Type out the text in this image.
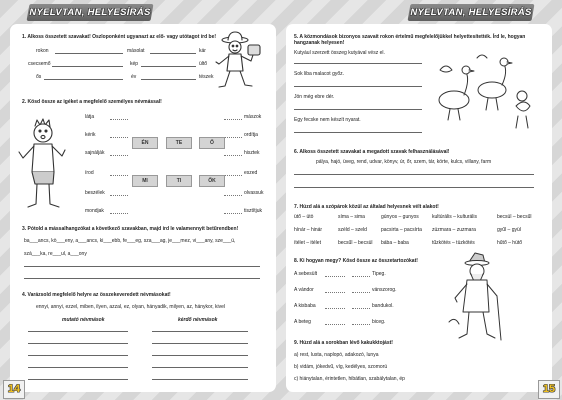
NYELVTAN, HELYESÍRÁS	NYELVTAN, HELYESÍRÁS
1. Alkoss összetett szavakat! Oszloponként ugyanazt az elő- vagy utótagot írd be!
rokon	másolat	kár
csecsemő	kép	ültő
ős	év	tészek
2. Kösd össze az igéket a megfelelő személyes névmással!
látja
kérik
sajnálják
írod
beszélek
mondjak
mászok
ordítja
hisztek
eszed
olvassuk
tisztítjuk
ÉN	TE	Ő
MI	TI	ŐK
3. Pótold a mássalhangzókat a következő szavakban, majd írd le valamennyit betűrendben!
ba___ancs, kö___eny, a___ancs, ki___ebb, fe___eg, sza___ag, je___mez, vi___any, sze___ü,
szá___ka, re___ul, a___ony
4. Varázsold megfelelő helyre az összekeveredett névmásokat!
ennyi, annyi, ezzel, miben, ilyen, azzal, ez, olyan, hányadik, milyen, az, hánykor, kivel
mutató névmások	kérdő névmások
5. A közmondások bizonyos szavait rokon értelmű megfelelőjükkel helyettesítették. Írd le, hogyan hangzanak helyesen!
Kutyául szerzett összeg kutyával vész el.
Sok liba malacot győz.
Jön még ebre dér.
Egy fecske nem készít nyarat.
6. Alkoss összetett szavakat a megadott szavak felhasználásával!
pálya, hajó, üveg, rend, udvar, könyv, úr, őr, szem, tár, körte, kulcs, villany, farm
7. Húzd alá a szópárok közül az általad helyesnek vélt alakot!
ütő – ütö	síma – sima	gúnyos – gunyos	kultúrális – kulturális	becsül – becsűl
hínár – hinár	széld – szeld	pacsirta – pacsírta zúzmara – zuzmara	gyűl – gyül
ítélet – itélet	becsűl – becsül bába – baba	tűzkötés – tüzkötés	hűtő – hütő
8. Ki hogyan megy? Kösd össze az összetartozókat!
A sebesült
A vándor
A kisbaba
A beteg
Tipeg.
vánszorog.
bandukol.
biceg.
9. Húzd alá a sorokban lévő kakukktojást!
a) rest, lusta, naplopó, adakozó, lunya
b) vidám, jókedvű, víg, kedélyes, szomorú
c) hiánytalan, érintetlen, hibátlan, szabálytalan, ép
14	15
